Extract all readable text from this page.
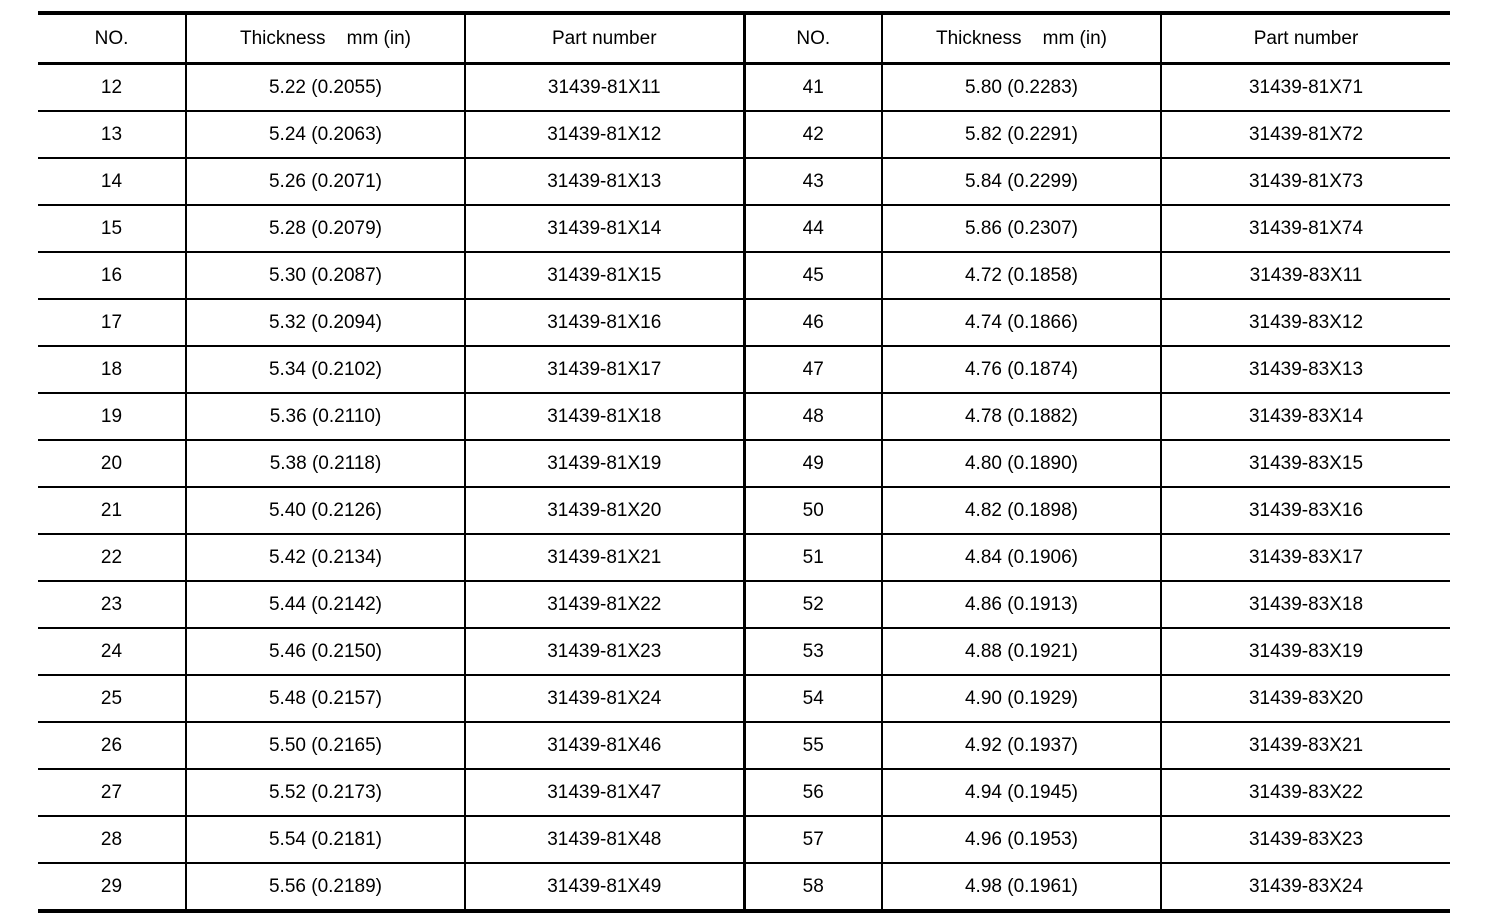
NO.	Thickness    mm (in)	Part number	NO.	Thickness    mm (in)	Part number
12	5.22 (0.2055)	31439-81X11	41	5.80 (0.2283)	31439-81X71
13	5.24 (0.2063)	31439-81X12	42	5.82 (0.2291)	31439-81X72
14	5.26 (0.2071)	31439-81X13	43	5.84 (0.2299)	31439-81X73
15	5.28 (0.2079)	31439-81X14	44	5.86 (0.2307)	31439-81X74
16	5.30 (0.2087)	31439-81X15	45	4.72 (0.1858)	31439-83X11
17	5.32 (0.2094)	31439-81X16	46	4.74 (0.1866)	31439-83X12
18	5.34 (0.2102)	31439-81X17	47	4.76 (0.1874)	31439-83X13
19	5.36 (0.2110)	31439-81X18	48	4.78 (0.1882)	31439-83X14
20	5.38 (0.2118)	31439-81X19	49	4.80 (0.1890)	31439-83X15
21	5.40 (0.2126)	31439-81X20	50	4.82 (0.1898)	31439-83X16
22	5.42 (0.2134)	31439-81X21	51	4.84 (0.1906)	31439-83X17
23	5.44 (0.2142)	31439-81X22	52	4.86 (0.1913)	31439-83X18
24	5.46 (0.2150)	31439-81X23	53	4.88 (0.1921)	31439-83X19
25	5.48 (0.2157)	31439-81X24	54	4.90 (0.1929)	31439-83X20
26	5.50 (0.2165)	31439-81X46	55	4.92 (0.1937)	31439-83X21
27	5.52 (0.2173)	31439-81X47	56	4.94 (0.1945)	31439-83X22
28	5.54 (0.2181)	31439-81X48	57	4.96 (0.1953)	31439-83X23
29	5.56 (0.2189)	31439-81X49	58	4.98 (0.1961)	31439-83X24
